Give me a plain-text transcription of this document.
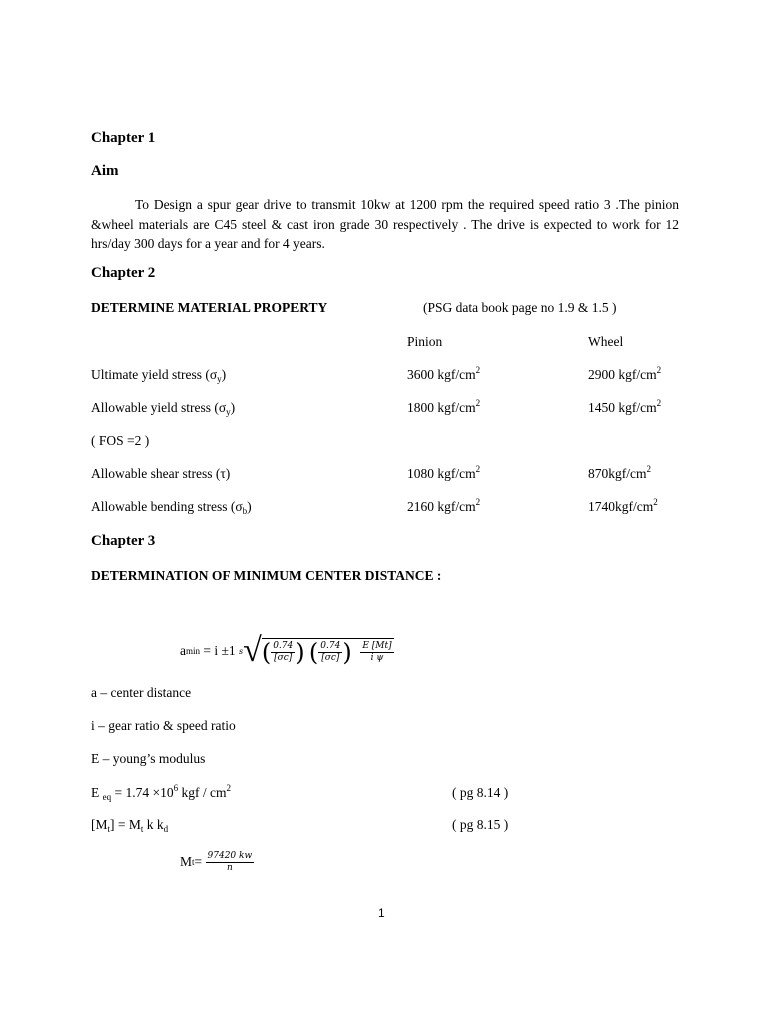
Chapter 1
Aim
To Design a spur gear drive to transmit 10kw at 1200 rpm the required speed ratio 3 .The pinion &wheel materials are C45 steel & cast iron grade 30 respectively . The drive is expected to work for 12 hrs/day 300 days for a year and for 4 years.
Chapter 2
DETERMINE MATERIAL PROPERTY	(PSG data book page no 1.9 & 1.5 )
Pinion	Wheel
Ultimate yield stress $(\sigma_y)$	3600 kgf/$cm^2$	2900 kgf/$cm^2$
Allowable yield stress $(\sigma_y)$	1800 kgf/$cm^2$	1450 kgf/$cm^2$
( FOS =2 )
Allowable shear stress (τ)	1080 kgf/$cm^2$	$870kgf/cm^2$
Allowable bending stress $(\sigma_b)$	2160 kgf/$cm^2$	$1740kgf/cm^2$
Chapter 3
DETERMINATION OF MINIMUM CENTER DISTANCE :
a min
= i ±1
s √ ( $\frac{0.74}{[\sigma c]}$ ) ( $\frac{0.74}{[\sigma c]}$ ) $\frac{E [Mt]}{\text{i ψ}}$
a – center distance
i – gear ratio & speed ratio
E – young’s modulus
E $_{eq} = 1.74 \times 10^6$ kgf / $cm^2$	( pg 8.14 )
$[M_t] = M_t$ k $k_d$	( pg 8.15 )
M t =
$\frac{97420 kw}{n}$
1
